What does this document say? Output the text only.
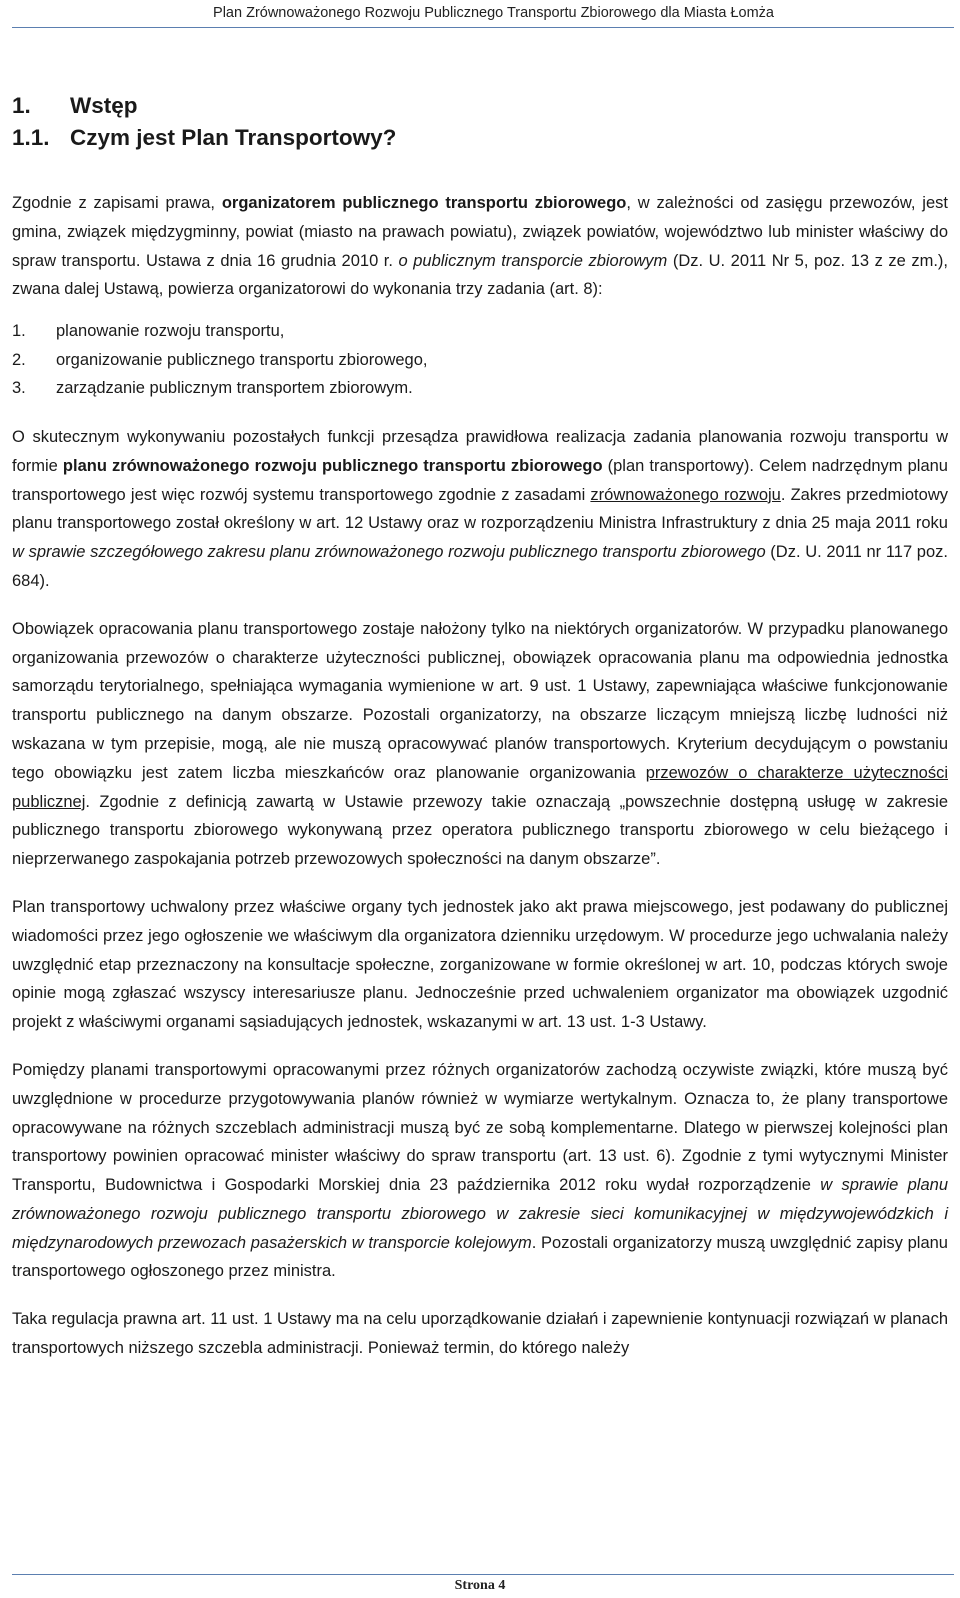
Plan Zrównoważonego Rozwoju Publicznego Transportu Zbiorowego dla Miasta Łomża
1.	Wstęp
1.1. Czym jest Plan Transportowy?

Zgodnie z zapisami prawa, organizatorem publicznego transportu zbiorowego, w zależności od zasięgu przewozów, jest gmina, związek międzygminny, powiat (miasto na prawach powiatu), związek powiatów, województwo lub minister właściwy do spraw transportu. Ustawa z dnia 16 grudnia 2010 r. o publicznym transporcie zbiorowym (Dz. U. 2011 Nr 5, poz. 13 z ze zm.), zwana dalej Ustawą, powierza organizatorowi do wykonania trzy zadania (art. 8):

1.	planowanie rozwoju transportu,
2.	organizowanie publicznego transportu zbiorowego,
3.	zarządzanie publicznym transportem zbiorowym.

O skutecznym wykonywaniu pozostałych funkcji przesądza prawidłowa realizacja zadania planowania rozwoju transportu w formie planu zrównoważonego rozwoju publicznego transportu zbiorowego (plan transportowy). Celem nadrzędnym planu transportowego jest więc rozwój systemu transportowego zgodnie z zasadami zrównoważonego rozwoju. Zakres przedmiotowy planu transportowego został określony w art. 12 Ustawy oraz w rozporządzeniu Ministra Infrastruktury z dnia 25 maja 2011 roku w sprawie szczegółowego zakresu planu zrównoważonego rozwoju publicznego transportu zbiorowego (Dz. U. 2011 nr 117 poz. 684).

Obowiązek opracowania planu transportowego zostaje nałożony tylko na niektórych organizatorów. W przypadku planowanego organizowania przewozów o charakterze użyteczności publicznej, obowiązek opracowania planu ma odpowiednia jednostka samorządu terytorialnego, spełniająca wymagania wymienione w art. 9 ust. 1 Ustawy, zapewniająca właściwe funkcjonowanie transportu publicznego na danym obszarze. Pozostali organizatorzy, na obszarze liczącym mniejszą liczbę ludności niż wskazana w tym przepisie, mogą, ale nie muszą opracowywać planów transportowych. Kryterium decydującym o powstaniu tego obowiązku jest zatem liczba mieszkańców oraz planowanie organizowania przewozów o charakterze użyteczności publicznej. Zgodnie z definicją zawartą w Ustawie przewozy takie oznaczają „powszechnie dostępną usługę w zakresie publicznego transportu zbiorowego wykonywaną przez operatora publicznego transportu zbiorowego w celu bieżącego i nieprzerwanego zaspokajania potrzeb przewozowych społeczności na danym obszarze”.

Plan transportowy uchwalony przez właściwe organy tych jednostek jako akt prawa miejscowego, jest podawany do publicznej wiadomości przez jego ogłoszenie we właściwym dla organizatora dzienniku urzędowym. W procedurze jego uchwalania należy uwzględnić etap przeznaczony na konsultacje społeczne, zorganizowane w formie określonej w art. 10, podczas których swoje opinie mogą zgłaszać wszyscy interesariusze planu. Jednocześnie przed uchwaleniem organizator ma obowiązek uzgodnić projekt z właściwymi organami sąsiadujących jednostek, wskazanymi w art. 13 ust. 1-3 Ustawy.

Pomiędzy planami transportowymi opracowanymi przez różnych organizatorów zachodzą oczywiste związki, które muszą być uwzględnione w procedurze przygotowywania planów również w wymiarze wertykalnym. Oznacza to, że plany transportowe opracowywane na różnych szczeblach administracji muszą być ze sobą komplementarne. Dlatego w pierwszej kolejności plan transportowy powinien opracować minister właściwy do spraw transportu (art. 13 ust. 6). Zgodnie z tymi wytycznymi Minister Transportu, Budownictwa i Gospodarki Morskiej dnia 23 października 2012 roku wydał rozporządzenie w sprawie planu zrównoważonego rozwoju publicznego transportu zbiorowego w zakresie sieci komunikacyjnej w międzywojewódzkich i międzynarodowych przewozach pasażerskich w transporcie kolejowym. Pozostali organizatorzy muszą uwzględnić zapisy planu transportowego ogłoszonego przez ministra.

Taka regulacja prawna art. 11 ust. 1 Ustawy ma na celu uporządkowanie działań i zapewnienie kontynuacji rozwiązań w planach transportowych niższego szczebla administracji. Ponieważ termin, do którego należy

Strona 4
